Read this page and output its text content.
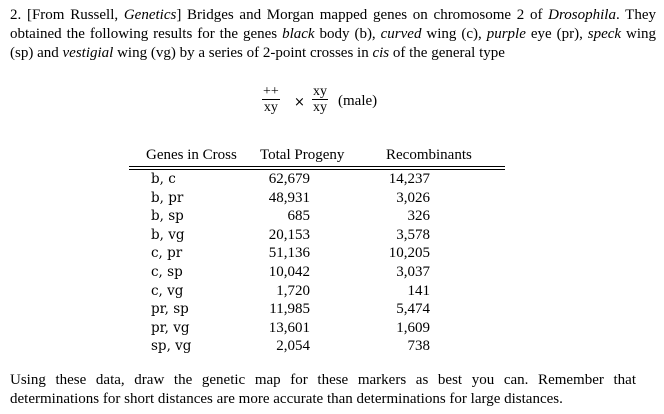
2. [From Russell, Genetics] Bridges and Morgan mapped genes on chromosome 2 of Drosophila. They obtained the following results for the genes black body (b), curved wing (c), purple eye (pr), speck wing (sp) and vestigial wing (vg) by a series of 2-point crosses in cis of the general type

++
xy × $\frac{xy}{xy}$ (male)
Genes in Cross Total Progeny	Recombinants
b, c
b, pr
b, sp
b, vg
c, pr
c, sp
c, vg
pr, sp
pr, vg
sp, vg
62,679
48,931
685
20,153
51,136
10,042
1,720
11,985
13,601
2,054
14,237
3,026
326
3,578
10,205
3,037
141
5,474
1,609
738

Using these data, draw the genetic map for these markers as best you can. Remember that determinations for short distances are more accurate than determinations for large distances.
